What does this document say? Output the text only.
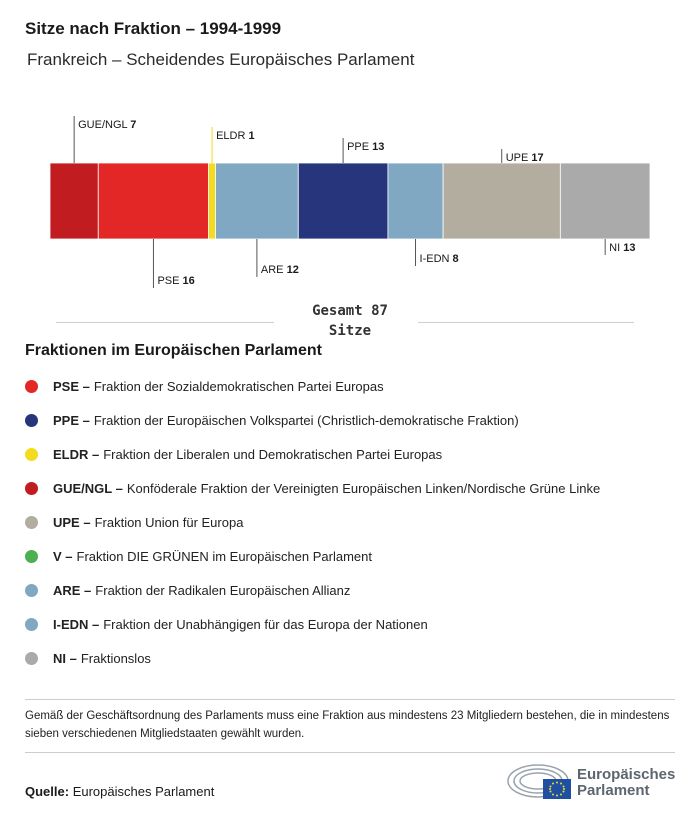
Sitze nach Fraktion – 1994-1999
Frankreich – Scheidendes Europäisches Parlament
GUE/NGL 7
PSE 16
ELDR 1
ARE 12
PPE 13
I-EDN 8
UPE 17
NI 13
Gesamt 87
Sitze
Fraktionen im Europäischen Parlament
PSE – Fraktion der Sozialdemokratischen Partei Europas
PPE – Fraktion der Europäischen Volkspartei (Christlich-demokratische Fraktion)
ELDR – Fraktion der Liberalen und Demokratischen Partei Europas
GUE/NGL – Konföderale Fraktion der Vereinigten Europäischen Linken/Nordische Grüne Linke
UPE – Fraktion Union für Europa
V – Fraktion DIE GRÜNEN im Europäischen Parlament
ARE – Fraktion der Radikalen Europäischen Allianz
I-EDN – Fraktion der Unabhängigen für das Europa der Nationen
NI – Fraktionslos
Gemäß der Geschäftsordnung des Parlaments muss eine Fraktion aus mindestens 23 Mitgliedern bestehen, die in mindestens sieben verschiedenen Mitgliedstaaten gewählt wurden.
Quelle: Europäisches Parlament
Europäisches
Parlament
